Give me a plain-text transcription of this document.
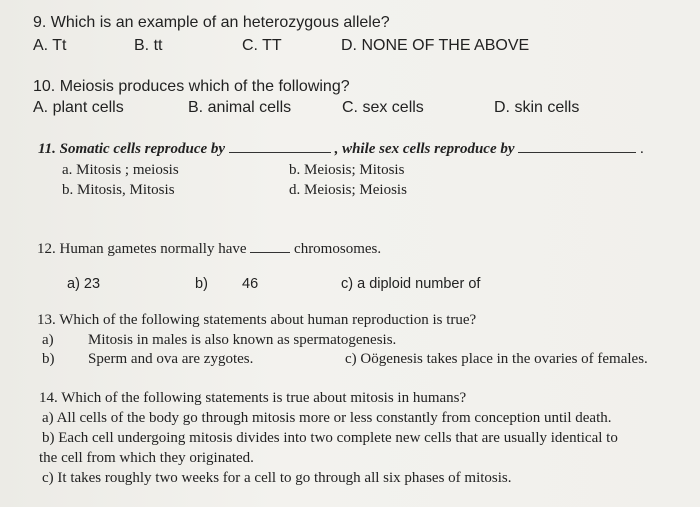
9. Which is an example of an heterozygous allele?
A. Tt	B. tt	C. TT	D. NONE OF THE ABOVE
10. Meiosis produces which of the following?
A. plant cells	B. animal cells	C. sex cells	D. skin cells
11. Somatic cells reproduce by	, while sex cells reproduce by	.
a. Mitosis ; meiosis
b. Mitosis, Mitosis
b. Meiosis; Mitosis
d. Meiosis; Meiosis
12. Human gametes normally have	chromosomes.
a) 23	b) 46	c) a diploid number of
13. Which of the following statements about human reproduction is true?
a) Mitosis in males is also known as spermatogenesis.
b) Sperm and ova are zygotes.	c) Oögenesis takes place in the ovaries of females.
14. Which of the following statements is true about mitosis in humans?
a) All cells of the body go through mitosis more or less constantly from conception until death.
b) Each cell undergoing mitosis divides into two complete new cells that are usually identical to
the cell from which they originated.
c) It takes roughly two weeks for a cell to go through all six phases of mitosis.
